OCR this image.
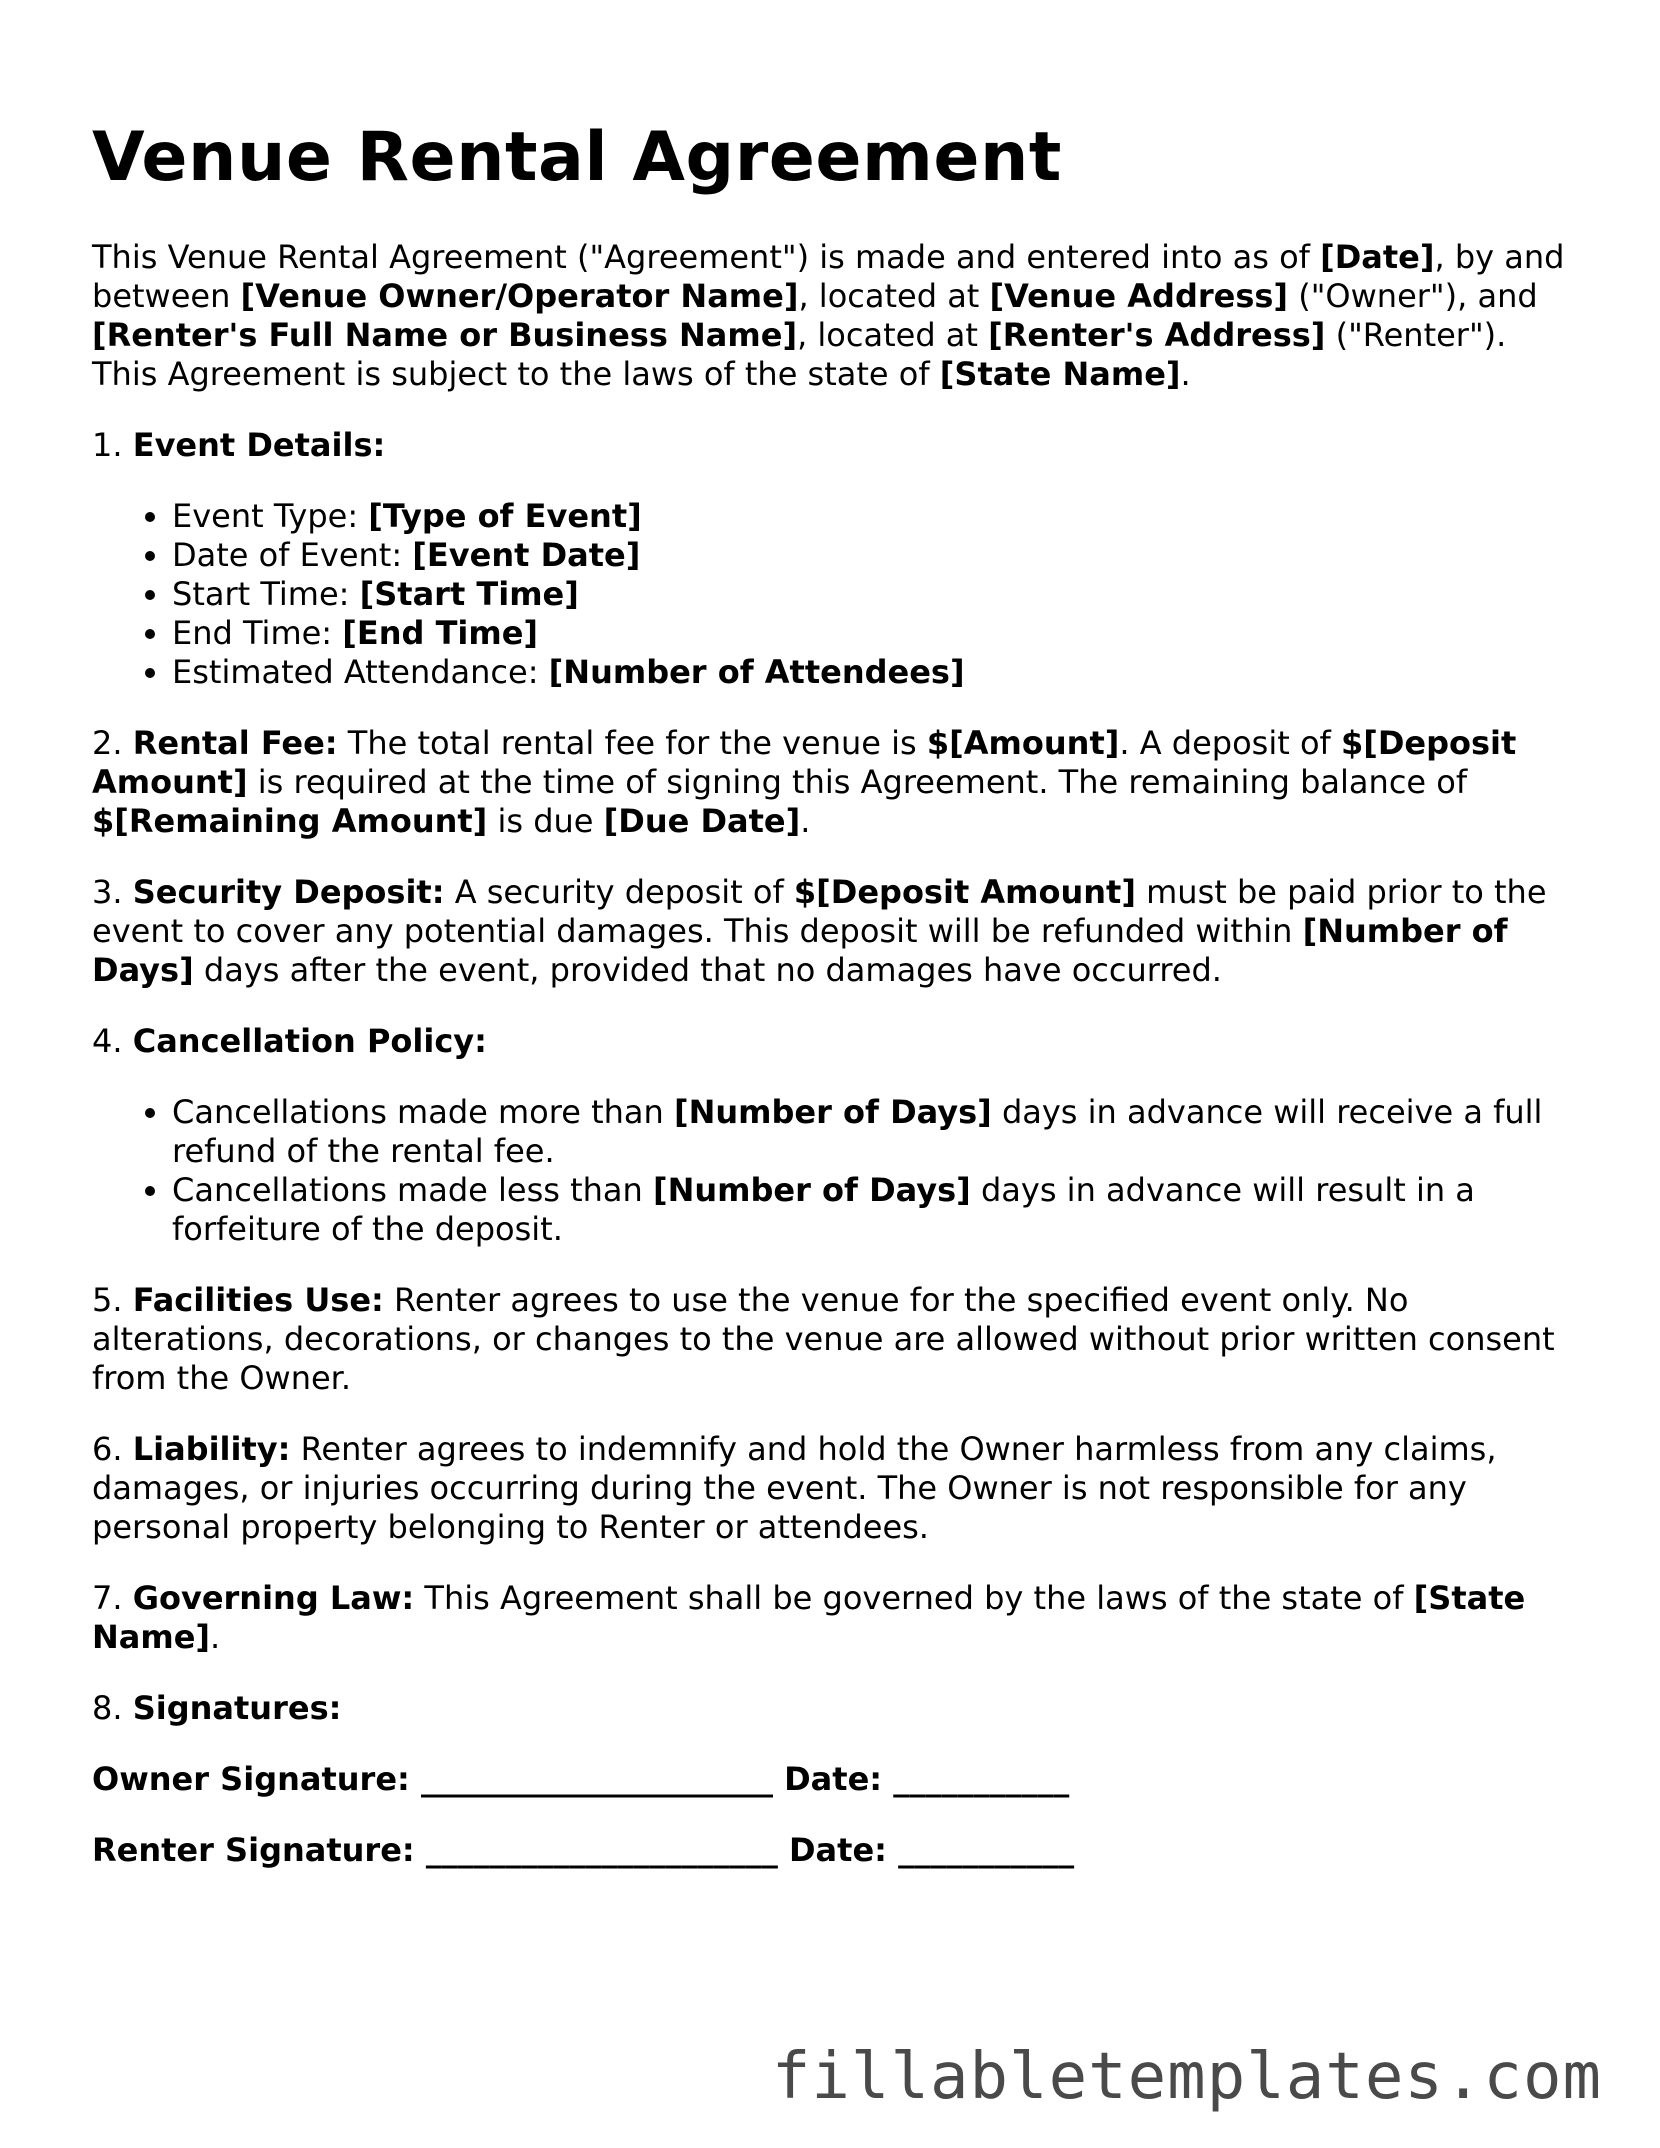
Venue Rental Agreement

This Venue Rental Agreement ("Agreement") is made and entered into as of [Date], by and between [Venue Owner/Operator Name], located at [Venue Address] ("Owner"), and [Renter's Full Name or Business Name], located at [Renter's Address] ("Renter"). This Agreement is subject to the laws of the state of [State Name].

1. Event Details:

• Event Type: [Type of Event]
• Date of Event: [Event Date]
• Start Time: [Start Time]
• End Time: [End Time]
• Estimated Attendance: [Number of Attendees]

2. Rental Fee: The total rental fee for the venue is $[Amount]. A deposit of $[Deposit Amount] is required at the time of signing this Agreement. The remaining balance of $[Remaining Amount] is due [Due Date].

3. Security Deposit: A security deposit of $[Deposit Amount] must be paid prior to the event to cover any potential damages. This deposit will be refunded within [Number of Days] days after the event, provided that no damages have occurred.

4. Cancellation Policy:

• Cancellations made more than [Number of Days] days in advance will receive a full refund of the rental fee.
• Cancellations made less than [Number of Days] days in advance will result in a forfeiture of the deposit.

5. Facilities Use: Renter agrees to use the venue for the specified event only. No alterations, decorations, or changes to the venue are allowed without prior written consent from the Owner.

6. Liability: Renter agrees to indemnify and hold the Owner harmless from any claims, damages, or injuries occurring during the event. The Owner is not responsible for any personal property belonging to Renter or attendees.

7. Governing Law: This Agreement shall be governed by the laws of the state of [State Name].

8. Signatures:

Owner Signature: ______________________ Date: ___________

Renter Signature: ______________________ Date: ___________

fillabletemplates.com
